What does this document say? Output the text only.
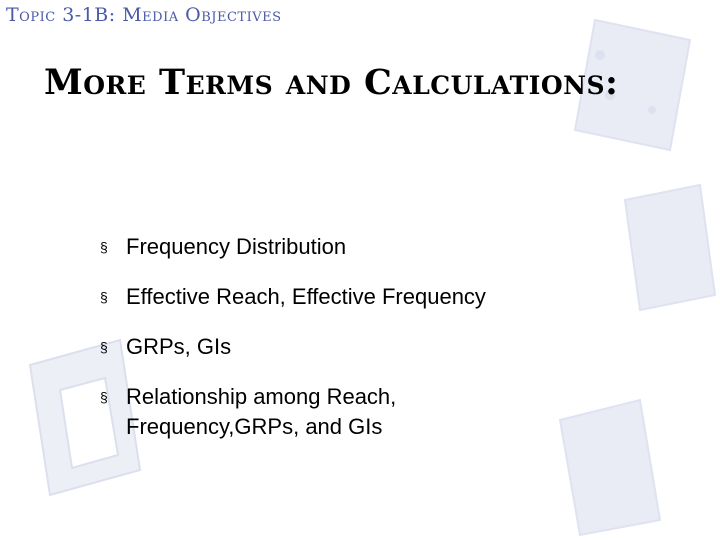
Topic 3-1B: Media Objectives
More Terms and Calculations:
§ Frequency Distribution
§ Effective Reach, Effective Frequency
§ GRPs, GIs
§ Relationship among Reach, Frequency,GRPs, and GIs
